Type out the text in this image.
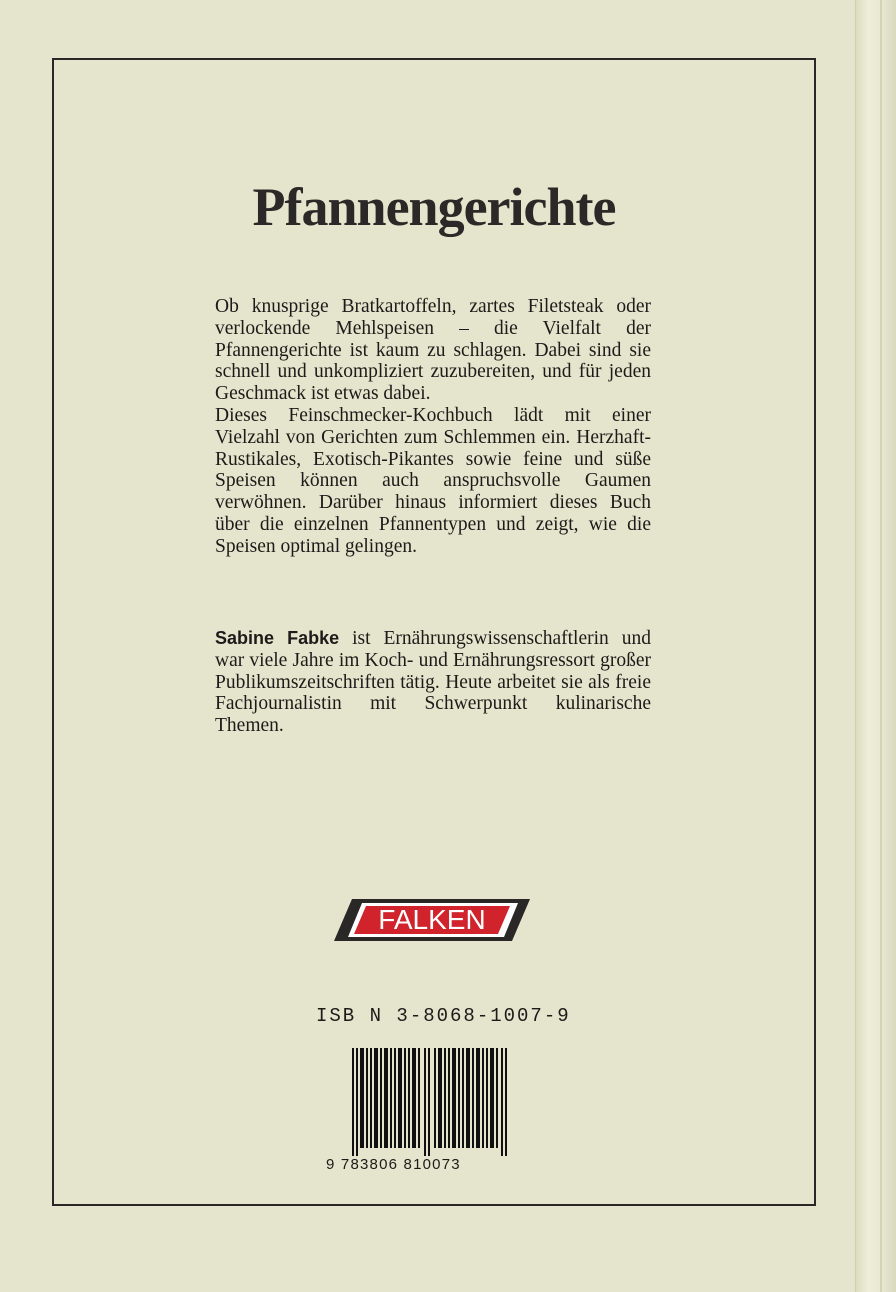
Pfannengerichte

Ob knusprige Bratkartoffeln, zartes Filetsteak oder verlockende Mehlspeisen – die Vielfalt der Pfannengerichte ist kaum zu schlagen. Dabei sind sie schnell und unkompliziert zuzubereiten, und für jeden Geschmack ist etwas dabei.

Dieses Feinschmecker-Kochbuch lädt mit einer Vielzahl von Gerichten zum Schlemmen ein. Herzhaft-Rustikales, Exotisch-Pikantes sowie feine und süße Speisen können auch anspruchsvolle Gaumen verwöhnen. Darüber hinaus informiert dieses Buch über die einzelnen Pfannentypen und zeigt, wie die Speisen optimal gelingen.

Sabine Fabke ist Ernährungswissenschaftlerin und war viele Jahre im Koch- und Ernährungsressort großer Publikumszeitschriften tätig. Heute arbeitet sie als freie Fachjournalistin mit Schwerpunkt kulinarische Themen.

FALKEN
ISB N 3-8068-1007-9
9 783806 810073
